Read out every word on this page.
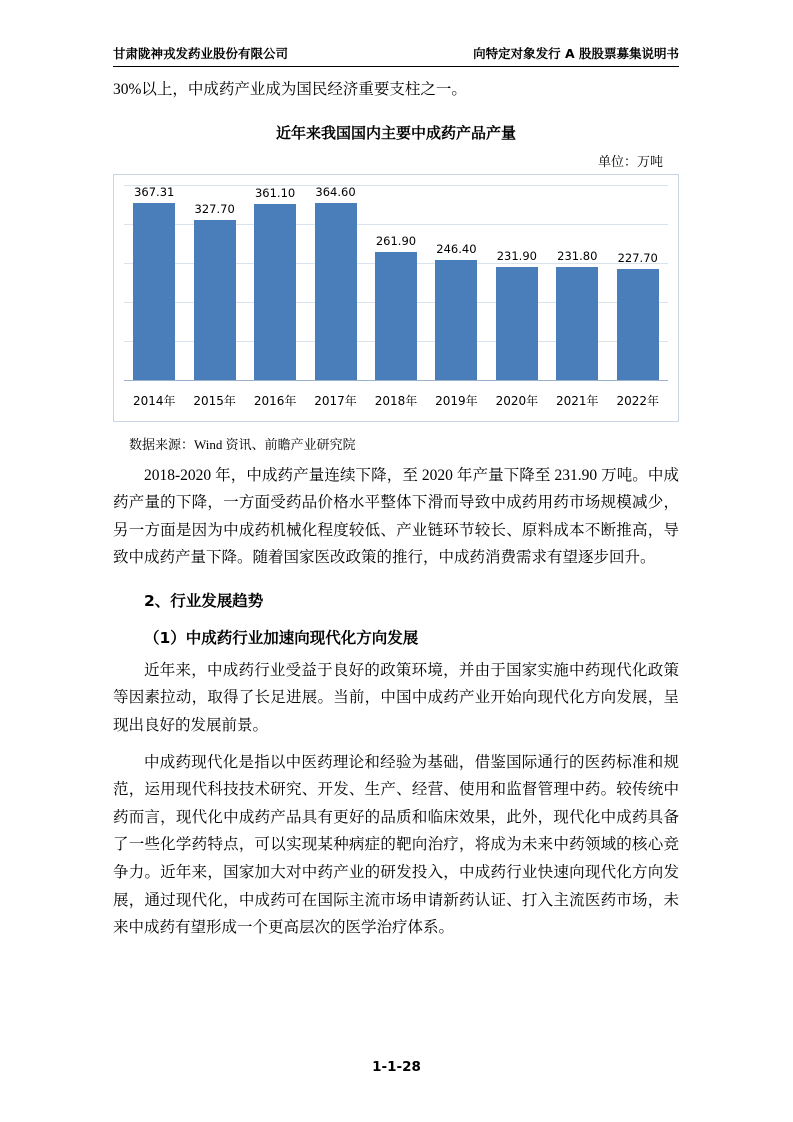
甘肃陇神戎发药业股份有限公司	向特定对象发行 A 股股票募集说明书

30%以上，中成药产业成为国民经济重要支柱之一。

近年来我国国内主要中成药产品产量
单位：万吨
367.31
327.70
361.10 364.60
261.90
246.40
231.90 231.80 227.70
2014年	2015年	2016年	2017年	2018年	2019年	2020年	2021年	2022年
数据来源：Wind 资讯、前瞻产业研究院

2018-2020 年，中成药产量连续下降，至 2020 年产量下降至 231.90 万吨。中成药产量的下降，一方面受药品价格水平整体下滑而导致中成药用药市场规模减少，另一方面是因为中成药机械化程度较低、产业链环节较长、原料成本不断推高，导致中成药产量下降。随着国家医改政策的推行，中成药消费需求有望逐步回升。

2、行业发展趋势
（1）中成药行业加速向现代化方向发展

近年来，中成药行业受益于良好的政策环境，并由于国家实施中药现代化政策等因素拉动，取得了长足进展。当前，中国中成药产业开始向现代化方向发展，呈现出良好的发展前景。

中成药现代化是指以中医药理论和经验为基础，借鉴国际通行的医药标准和规范，运用现代科技技术研究、开发、生产、经营、使用和监督管理中药。较传统中药而言，现代化中成药产品具有更好的品质和临床效果，此外，现代化中成药具备了一些化学药特点，可以实现某种病症的靶向治疗，将成为未来中药领域的核心竞争力。近年来，国家加大对中药产业的研发投入，中成药行业快速向现代化方向发展，通过现代化，中成药可在国际主流市场申请新药认证、打入主流医药市场，未来中成药有望形成一个更高层次的医学治疗体系。

1-1-28
